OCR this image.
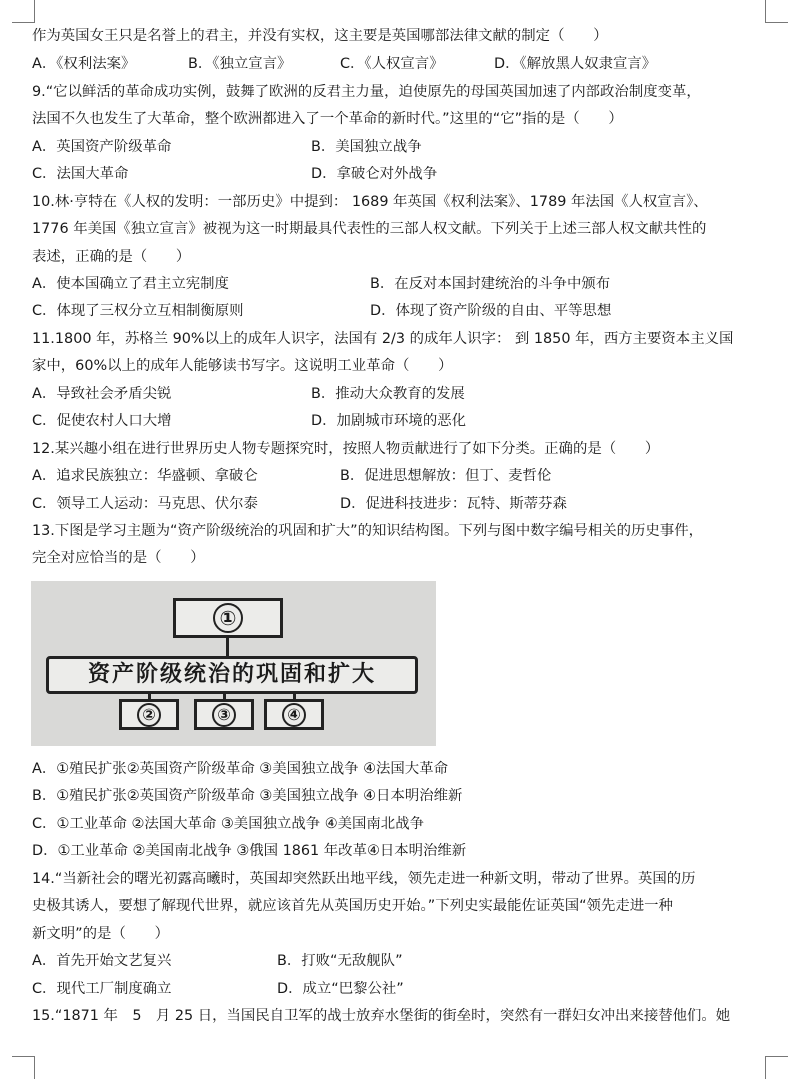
作为英国女王只是名誉上的君主，并没有实权，这主要是英国哪部法律文献的制定（　　）
A．《权利法案》	B．《独立宣言》	C．《人权宣言》	D．《解放黑人奴隶宣言》
9.“它以鲜活的革命成功实例，鼓舞了欧洲的反君主力量，迫使原先的母国英国加速了内部政治制度变革，
法国不久也发生了大革命，整个欧洲都进入了一个革命的新时代。”这里的“它”指的是（　　）
A．英国资产阶级革命	B．美国独立战争
C．法国大革命	D．拿破仑对外战争
10.林·亨特在《人权的发明：一部历史》中提到： 1689 年英国《权利法案》、1789 年法国《人权宣言》、
1776 年美国《独立宣言》被视为这一时期最具代表性的三部人权文献。下列关于上述三部人权文献共性的
表述，正确的是（　　）
A．使本国确立了君主立宪制度	B．在反对本国封建统治的斗争中颁布
C．体现了三权分立互相制衡原则	D．体现了资产阶级的自由、平等思想
11.1800 年，苏格兰 90%以上的成年人识字，法国有 2/3 的成年人识字： 到 1850 年，西方主要资本主义国
家中，60%以上的成年人能够读书写字。这说明工业革命（　　）
A．导致社会矛盾尖锐	B．推动大众教育的发展
C．促使农村人口大增	D．加剧城市环境的恶化
12.某兴趣小组在进行世界历史人物专题探究时，按照人物贡献进行了如下分类。正确的是（　　）
A．追求民族独立：华盛顿、拿破仑	B．促进思想解放：但丁、麦哲伦
C．领导工人运动：马克思、伏尔泰	D．促进科技进步：瓦特、斯蒂芬森
13.下图是学习主题为“资产阶级统治的巩固和扩大”的知识结构图。下列与图中数字编号相关的历史事件，
完全对应恰当的是（　　）
①
资产阶级统治的巩固和扩大
②	③	④
A．①殖民扩张②英国资产阶级革命 ③美国独立战争 ④法国大革命
B．①殖民扩张②英国资产阶级革命 ③美国独立战争 ④日本明治维新
C．①工业革命 ②法国大革命 ③美国独立战争 ④美国南北战争
D．①工业革命 ②美国南北战争 ③俄国 1861 年改革④日本明治维新
14.“当新社会的曙光初露高曦时，英国却突然跃出地平线，领先走进一种新文明，带动了世界。英国的历
史极其诱人，要想了解现代世界，就应该首先从英国历史开始。”下列史实最能佐证英国“领先走进一种
新文明”的是（　　）
A．首先开始文艺复兴	B．打败“无敌舰队”
C．现代工厂制度确立	D．成立“巴黎公社”
15.“1871 年　5　月 25 日，当国民自卫军的战士放弃水堡街的街垒时，突然有一群妇女冲出来接替他们。她
